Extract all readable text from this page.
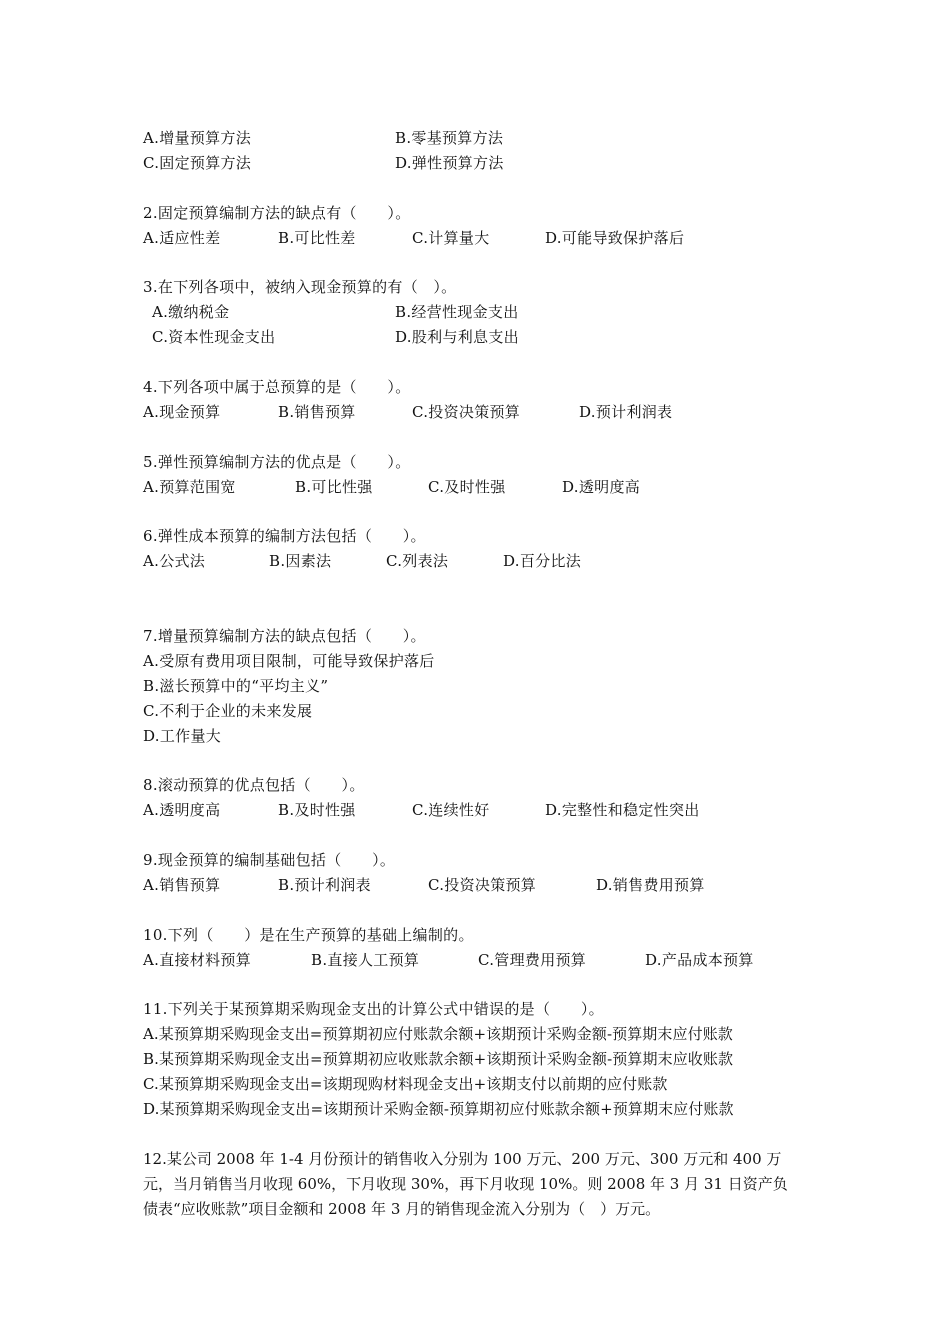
A.增量预算方法	B.零基预算方法
C.固定预算方法	D.弹性预算方法
2.固定预算编制方法的缺点有（　　）。
A.适应性差	B.可比性差	C.计算量大	D.可能导致保护落后
3.在下列各项中，被纳入现金预算的有（　）。
A.缴纳税金	B.经营性现金支出
C.资本性现金支出	D.股利与利息支出
4.下列各项中属于总预算的是（　　）。
A.现金预算	B.销售预算	C.投资决策预算	D.预计利润表
5.弹性预算编制方法的优点是（　　）。
A.预算范围宽	B.可比性强	C.及时性强	D.透明度高
6.弹性成本预算的编制方法包括（　　）。
A.公式法	B.因素法	C.列表法	D.百分比法
7.增量预算编制方法的缺点包括（　　）。
A.受原有费用项目限制，可能导致保护落后
B.滋长预算中的“平均主义”
C.不利于企业的未来发展
D.工作量大
8.滚动预算的优点包括（　　）。
A.透明度高	B.及时性强	C.连续性好	D.完整性和稳定性突出
9.现金预算的编制基础包括（　　）。
A.销售预算	B.预计利润表	C.投资决策预算	D.销售费用预算
10.下列（　　）是在生产预算的基础上编制的。
A.直接材料预算	B.直接人工预算	C.管理费用预算	D.产品成本预算
11.下列关于某预算期采购现金支出的计算公式中错误的是（　　）。
A.某预算期采购现金支出=预算期初应付账款余额+该期预计采购金额-预算期末应付账款
B.某预算期采购现金支出=预算期初应收账款余额+该期预计采购金额-预算期末应收账款
C.某预算期采购现金支出=该期现购材料现金支出+该期支付以前期的应付账款
D.某预算期采购现金支出=该期预计采购金额-预算期初应付账款余额+预算期末应付账款
12.某公司 2008 年 1-4 月份预计的销售收入分别为 100 万元、200 万元、300 万元和 400 万
元，当月销售当月收现 60%，下月收现 30%，再下月收现 10%。则 2008 年 3 月 31 日资产负
债表“应收账款”项目金额和 2008 年 3 月的销售现金流入分别为（　）万元。
